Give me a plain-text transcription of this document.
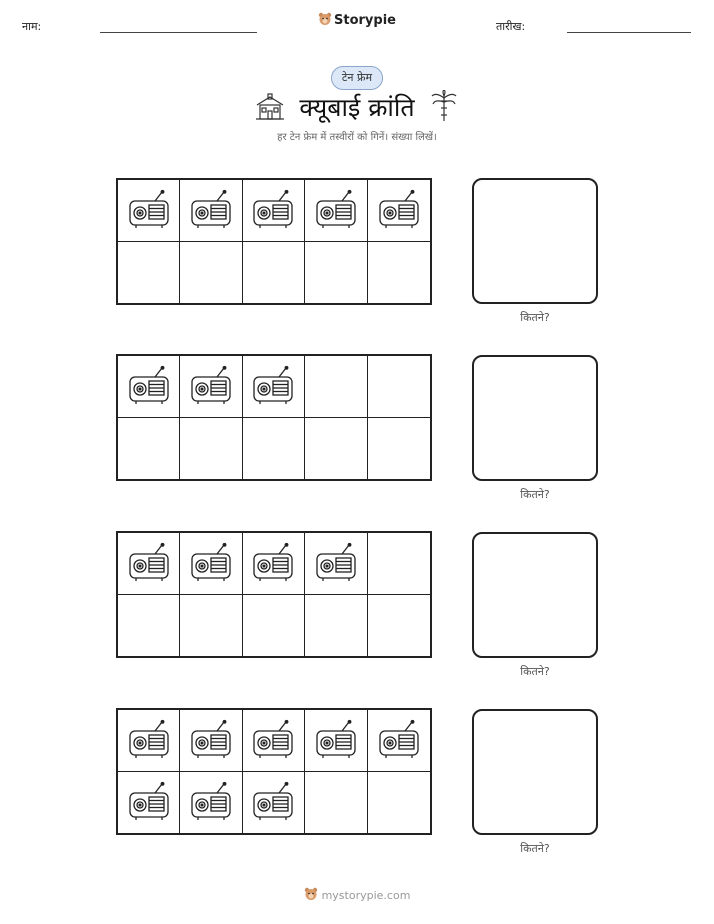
नाम:	Storypie	तारीख:
टेन फ्रेम
क्यूबाई क्रांति
हर टेन फ्रेम में तस्वीरों को गिनें। संख्या लिखें।
कितने?
कितने?
कितने?
कितने?
mystorypie.com
